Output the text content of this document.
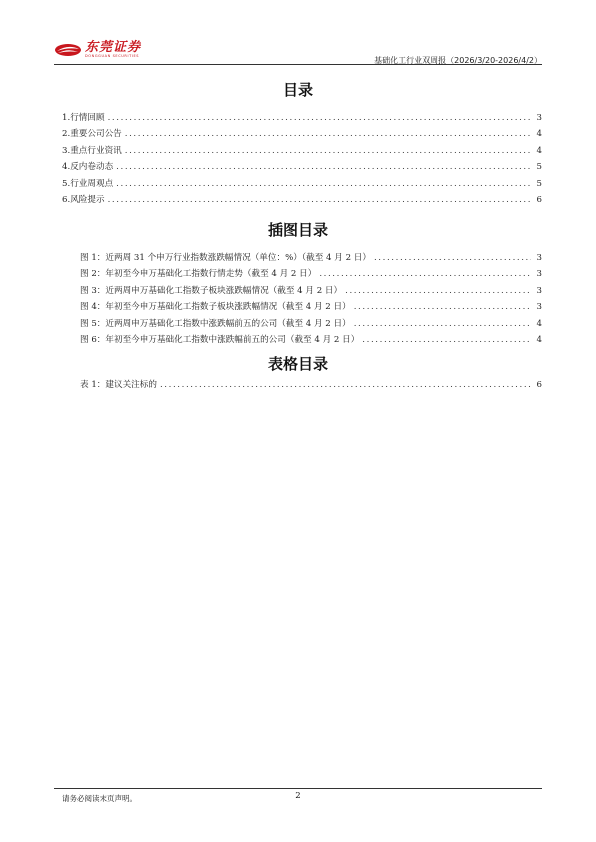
东莞证券
DONGGUAN SECURITIES	基础化工行业双周报（2026/3/20-2026/4/2）
目录
1.行情回顾 .....	3
2.重要公司公告 .....	4
3.重点行业资讯 .....	4
4.反内卷动态 .....	5
5.行业周观点 .....	5
6.风险提示 .....	6
插图目录
图 1：近两周 31 个申万行业指数涨跌幅情况（单位：%）（截至 4 月 2 日） .....	3
图 2：年初至今申万基础化工指数行情走势（截至 4 月 2 日） .....	3
图 3：近两周申万基础化工指数子板块涨跌幅情况（截至 4 月 2 日） .....	3
图 4：年初至今申万基础化工指数子板块涨跌幅情况（截至 4 月 2 日） .....	3
图 5：近两周申万基础化工指数中涨跌幅前五的公司（截至 4 月 2 日） .....	4
图 6：年初至今申万基础化工指数中涨跌幅前五的公司（截至 4 月 2 日） .....	4
表格目录
表 1：建议关注标的 .....	6
请务必阅读末页声明。	2
